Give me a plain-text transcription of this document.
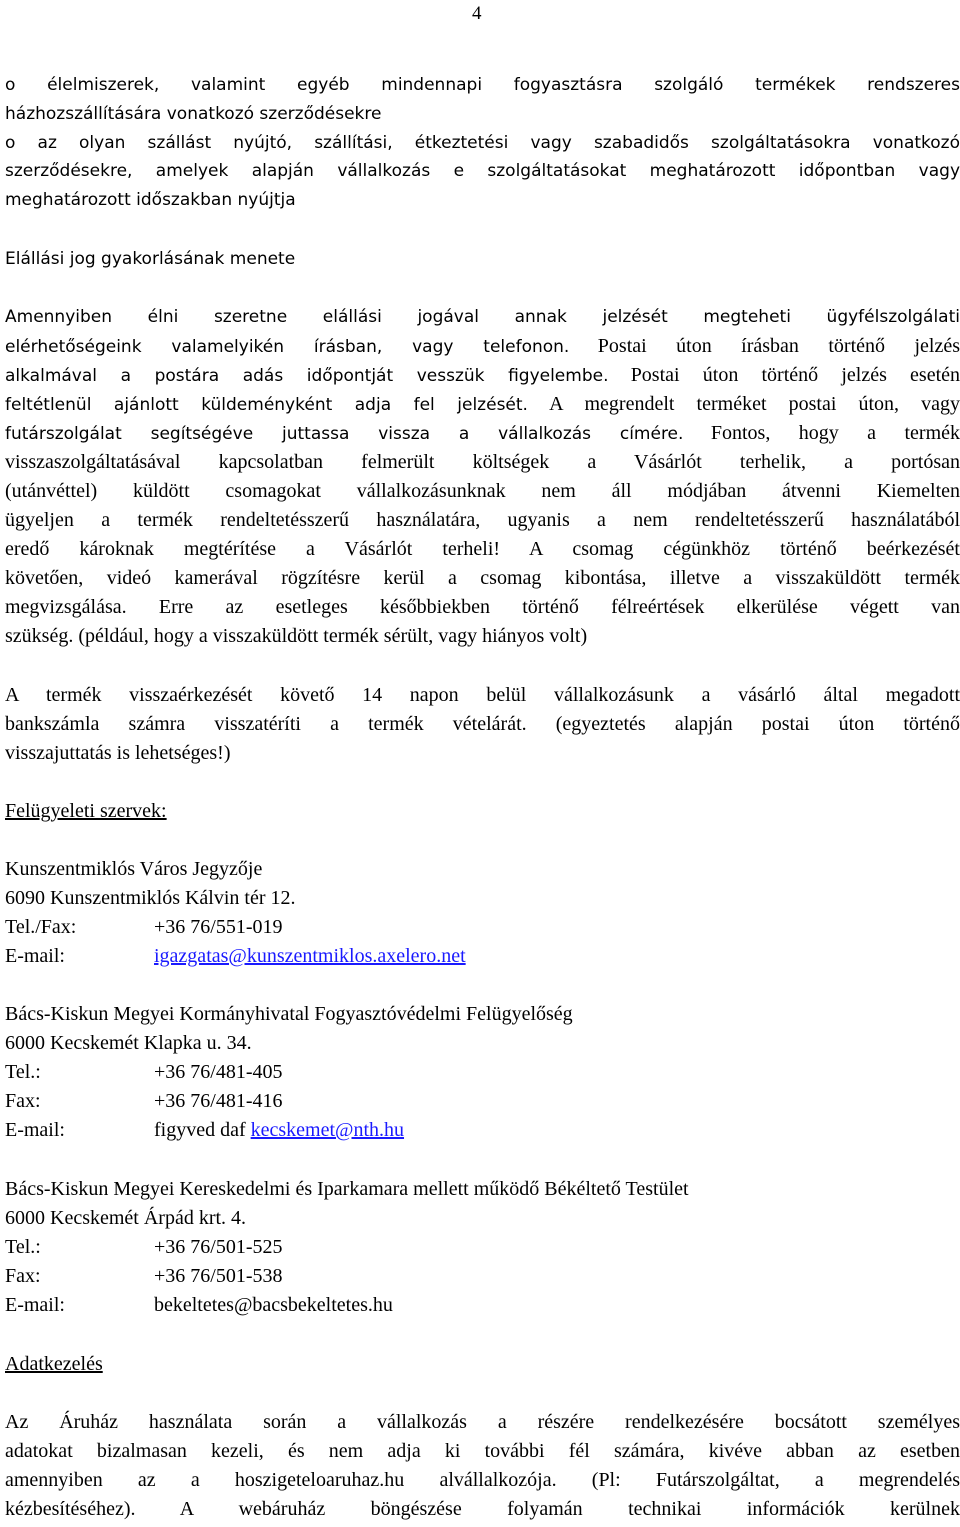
4
o élelmiszerek, valamint egyéb mindennapi fogyasztásra szolgáló termékek rendszeres
házhozszállítására vonatkozó szerződésekre
o az olyan szállást nyújtó, szállítási, étkeztetési vagy szabadidős szolgáltatásokra vonatkozó
szerződésekre, amelyek alapján vállalkozás e szolgáltatásokat meghatározott időpontban vagy
meghatározott időszakban nyújtja
Elállási jog gyakorlásának menete
Amennyiben élni szeretne elállási jogával annak jelzését megteheti ügyfélszolgálati
elérhetőségeink valamelyikén írásban, vagy telefonon. Postai úton írásban történő jelzés
alkalmával a postára adás időpontját vesszük figyelembe. Postai úton történő jelzés esetén
feltétlenül ajánlott küldeményként adja fel jelzését. A megrendelt terméket postai úton, vagy
futárszolgálat segítségéve juttassa vissza a vállalkozás címére. Fontos, hogy a termék
visszaszolgáltatásával kapcsolatban felmerült költségek a Vásárlót terhelik, a portósan
(utánvéttel) küldött csomagokat vállalkozásunknak nem áll módjában átvenni Kiemelten
ügyeljen a termék rendeltetésszerű használatára, ugyanis a nem rendeltetésszerű használatából
eredő károknak megtérítése a Vásárlót terheli! A csomag cégünkhöz történő beérkezését
követően, videó kamerával rögzítésre kerül a csomag kibontása, illetve a visszaküldött termék
megvizsgálása. Erre az esetleges későbbiekben történő félreértések elkerülése végett van
szükség. (például, hogy a visszaküldött termék sérült, vagy hiányos volt)
A termék visszaérkezését követő 14 napon belül vállalkozásunk a vásárló által megadott
bankszámla számra visszatéríti a termék vételárát. (egyeztetés alapján postai úton történő
visszajuttatás is lehetséges!)
Felügyeleti szervek:
Kunszentmiklós Város Jegyzője
6090 Kunszentmiklós Kálvin tér 12.
Tel./Fax:	+36 76/551-019
E-mail:	igazgatas@kunszentmiklos.axelero.net
Bács-Kiskun Megyei Kormányhivatal Fogyasztóvédelmi Felügyelőség
6000 Kecskemét Klapka u. 34.
Tel.:	+36 76/481-405
Fax:	+36 76/481-416
E-mail:	figyved daf kecskemet@nth.hu
Bács-Kiskun Megyei Kereskedelmi és Iparkamara mellett működő Békéltető Testület
6000 Kecskemét Árpád krt. 4.
Tel.:	+36 76/501-525
Fax:	+36 76/501-538
E-mail:	bekeltetes@bacsbekeltetes.hu
Adatkezelés
Az Áruház használata során a vállalkozás a részére rendelkezésére bocsátott személyes
adatokat bizalmasan kezeli, és nem adja ki további fél számára, kivéve abban az esetben
amennyiben az a hoszigeteloaruhaz.hu alvállalkozója. (Pl: Futárszolgáltat, a megrendelés
kézbesítéséhez). A webáruház böngészése folyamán technikai információk kerülnek
